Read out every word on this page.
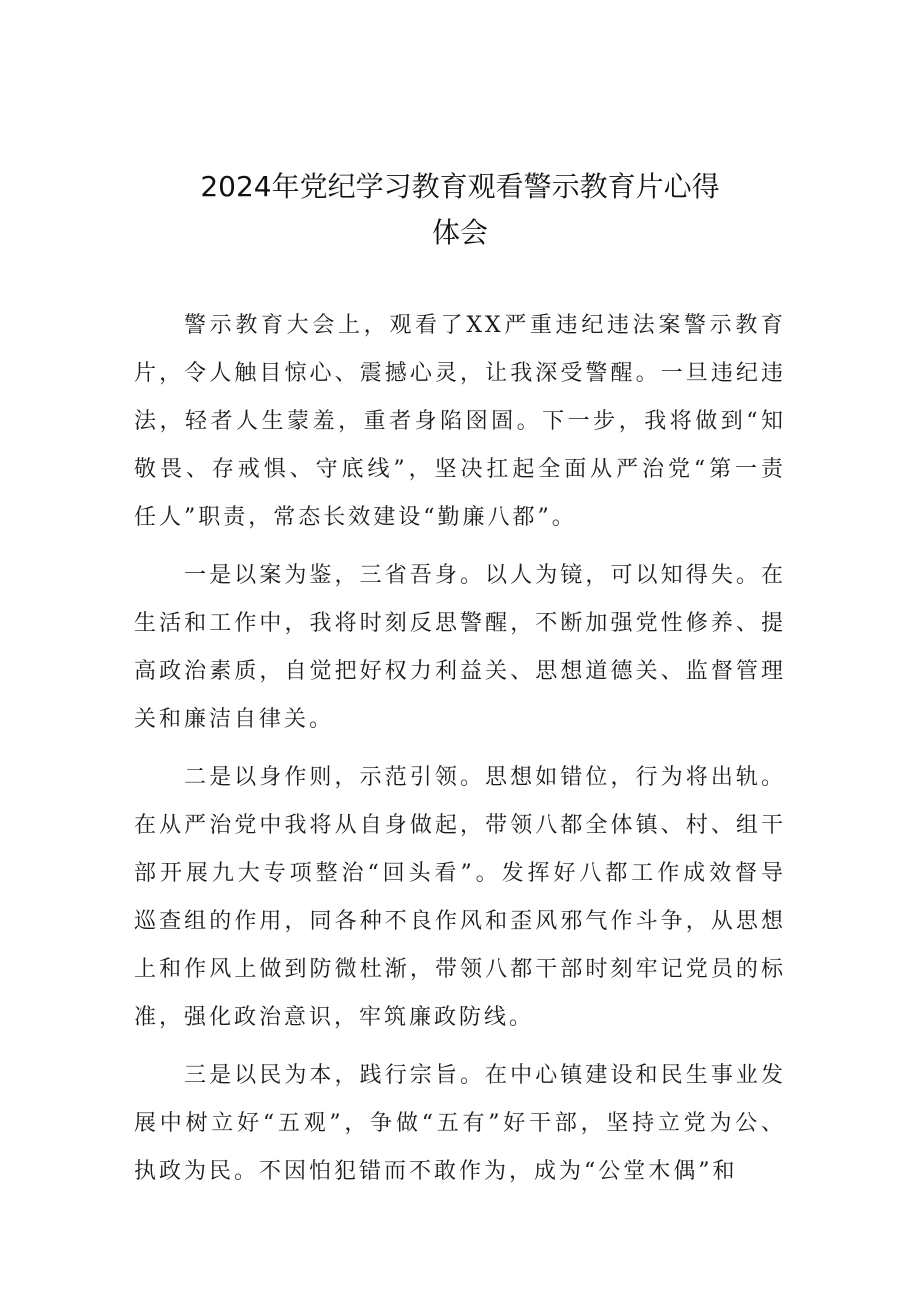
2024年党纪学习教育观看警示教育片心得
体会

警示教育大会上，观看了XX严重违纪违法案警示教育片，令人触目惊心、震撼心灵，让我深受警醒。一旦违纪违法，轻者人生蒙羞，重者身陷囹圄。下一步，我将做到“知敬畏、存戒惧、守底线”，坚决扛起全面从严治党“第一责任人”职责，常态长效建设“勤廉八都”。

一是以案为鉴，三省吾身。以人为镜，可以知得失。在生活和工作中，我将时刻反思警醒，不断加强党性修养、提高政治素质，自觉把好权力利益关、思想道德关、监督管理关和廉洁自律关。

二是以身作则，示范引领。思想如错位，行为将出轨。在从严治党中我将从自身做起，带领八都全体镇、村、组干部开展九大专项整治“回头看”。发挥好八都工作成效督导巡查组的作用，同各种不良作风和歪风邪气作斗争，从思想上和作风上做到防微杜渐，带领八都干部时刻牢记党员的标准，强化政治意识，牢筑廉政防线。

三是以民为本，践行宗旨。在中心镇建设和民生事业发展中树立好“五观”，争做“五有”好干部，坚持立党为公、执政为民。不因怕犯错而不敢作为，成为“公堂木偶”和
